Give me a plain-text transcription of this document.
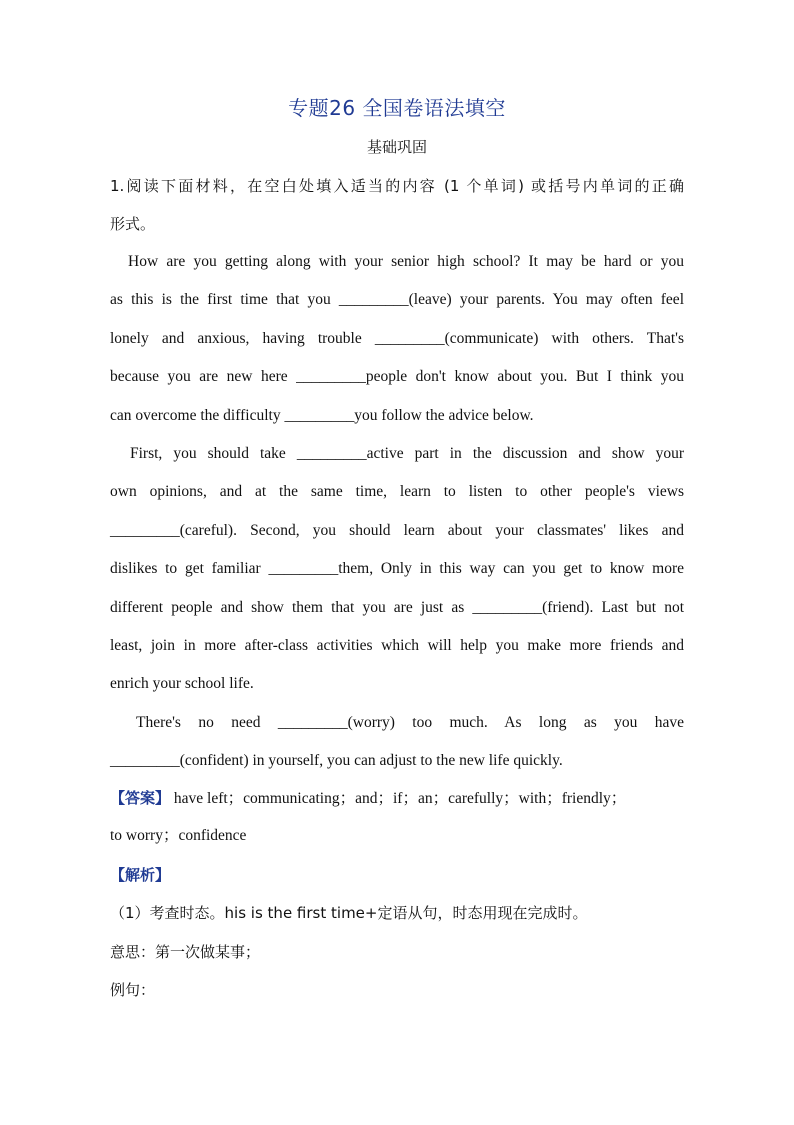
专题26 全国卷语法填空
基础巩固
1.阅读下面材料，在空白处填入适当的内容 (1 个单词) 或括号内单词的正确
形式。
How are you getting along with your senior high school? It may be hard or you
as this is the first time that you _________(leave) your parents. You may often feel
lonely and anxious, having trouble _________(communicate) with others. That's
because you are new here _________people don't know about you. But I think you
can overcome the difficulty _________you follow the advice below.
First, you should take _________active part in the discussion and show your
own opinions, and at the same time, learn to listen to other people's views
_________(careful). Second, you should learn about your classmates' likes and
dislikes to get familiar _________them, Only in this way can you get to know more
different people and show them that you are just as _________(friend). Last but not
least, join in more after-class activities which will help you make more friends and
enrich your school life.
There's no need _________(worry) too much. As long as you have
_________(confident) in yourself, you can adjust to the new life quickly.
【答案】 have left；communicating；and；if；an；carefully；with；friendly；
to worry；confidence
【解析】
（1）考查时态。his is the first time+定语从句，时态用现在完成时。
意思：第一次做某事；
例句：
